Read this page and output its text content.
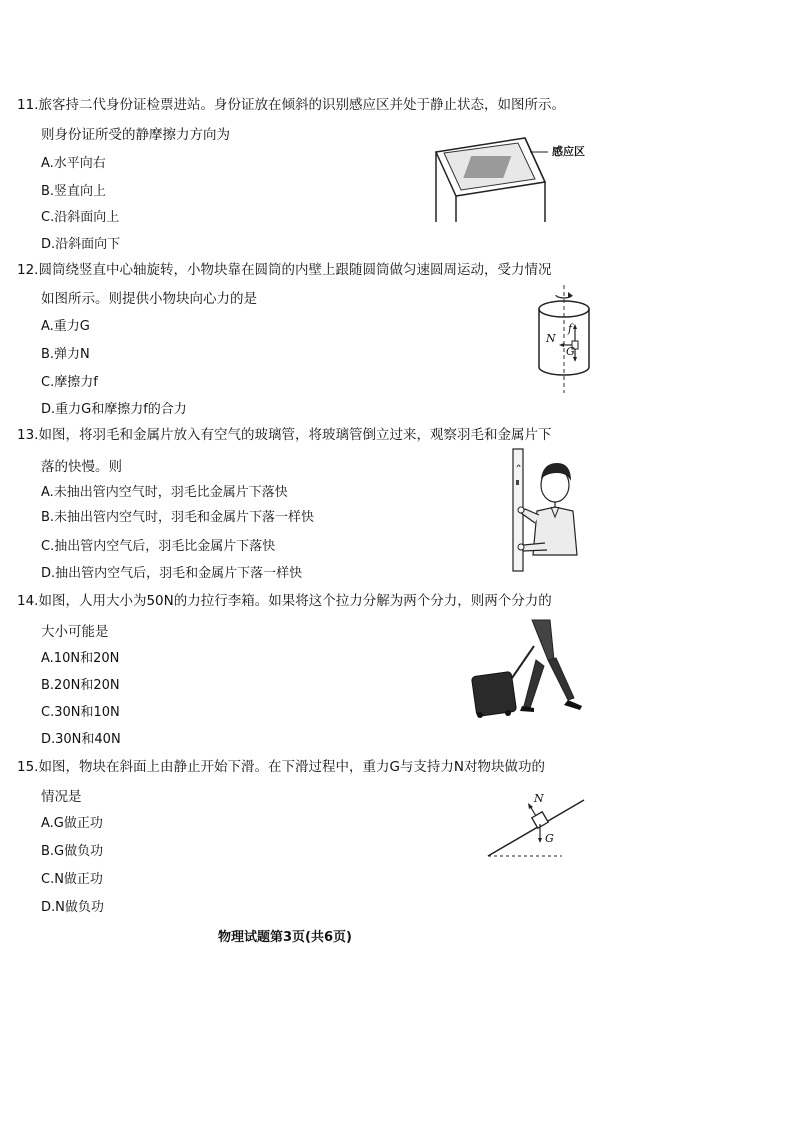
11.旅客持二代身份证检票进站。身份证放在倾斜的识别感应区并处于静止状态，如图所示。
则身份证所受的静摩擦力方向为
A.水平向右
B.竖直向上
C.沿斜面向上
D.沿斜面向下
感应区
12.圆筒绕竖直中心轴旋转，小物块靠在圆筒的内壁上跟随圆筒做匀速圆周运动，受力情况
如图所示。则提供小物块向心力的是
A.重力G
B.弹力N
C.摩擦力f
D.重力G和摩擦力f的合力
f
N
G
13.如图，将羽毛和金属片放入有空气的玻璃管，将玻璃管倒立过来，观察羽毛和金属片下
落的快慢。则
A.未抽出管内空气时，羽毛比金属片下落快
B.未抽出管内空气时，羽毛和金属片下落一样快
C.抽出管内空气后，羽毛比金属片下落快
D.抽出管内空气后，羽毛和金属片下落一样快
14.如图，人用大小为50N的力拉行李箱。如果将这个拉力分解为两个分力，则两个分力的
大小可能是
A.10N和20N
B.20N和20N
C.30N和10N
D.30N和40N
15.如图，物块在斜面上由静止开始下滑。在下滑过程中，重力G与支持力N对物块做功的
情况是
A.G做正功
B.G做负功
C.N做正功
D.N做负功
N
G
物理试题第3页(共6页)
